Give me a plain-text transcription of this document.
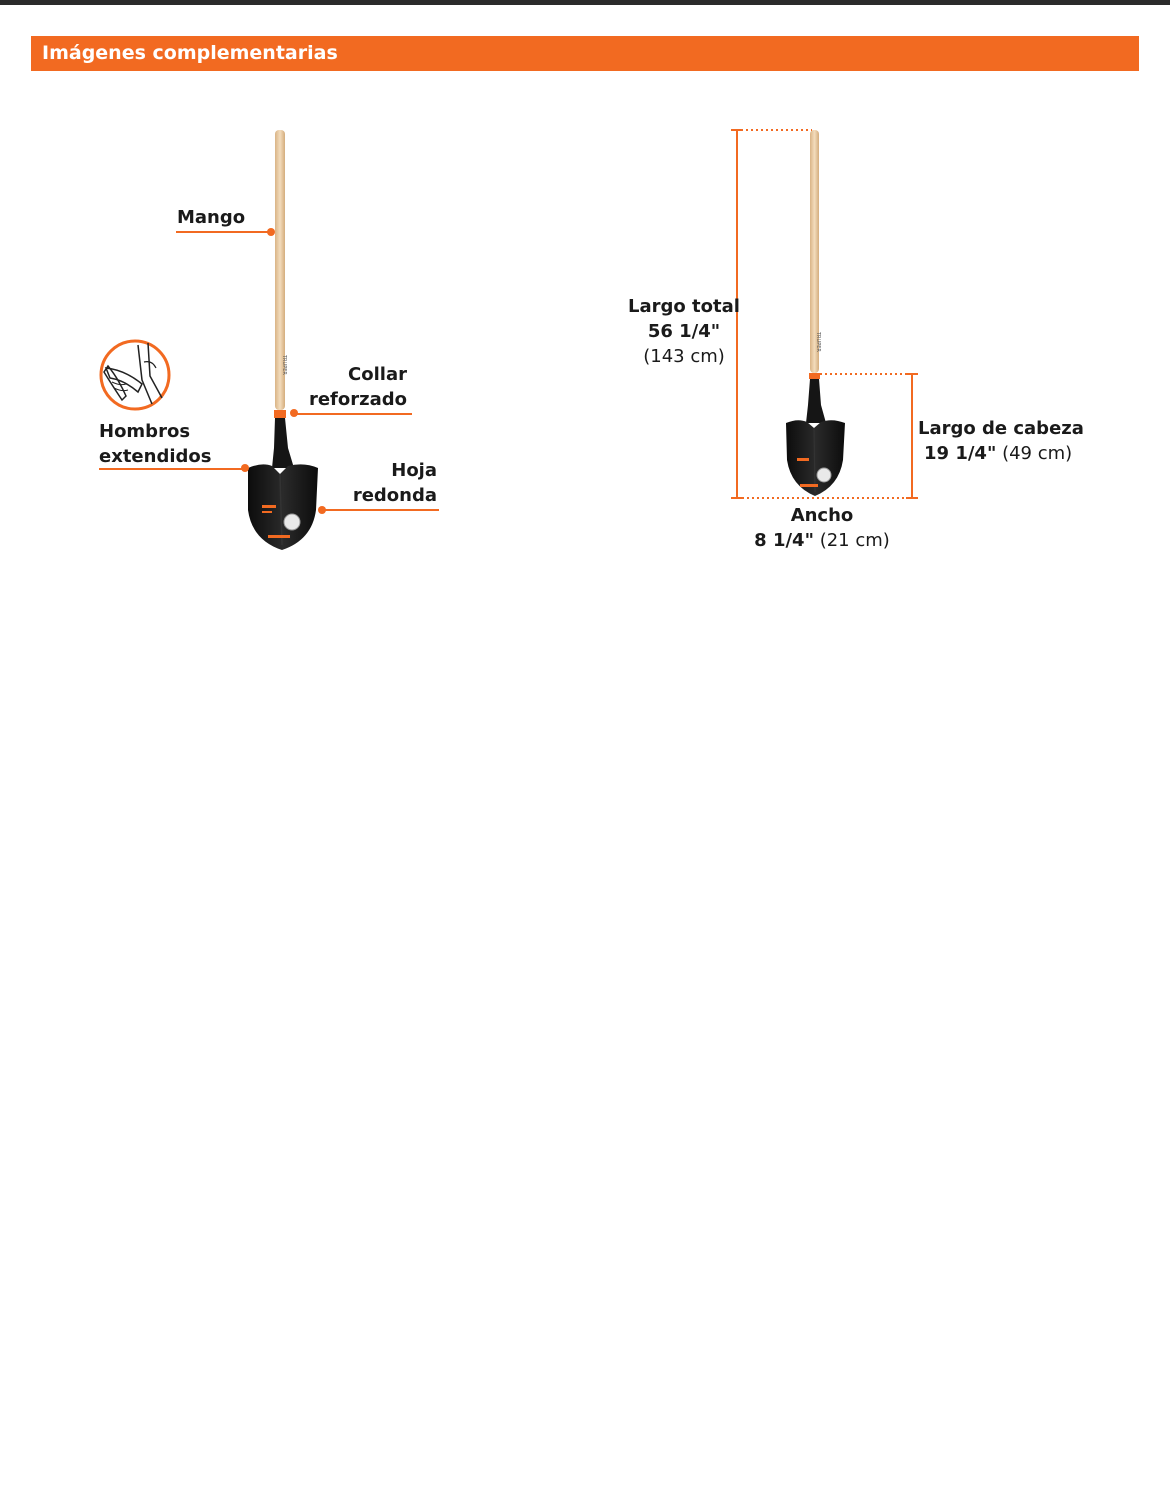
Imágenes complementarias
TRUPER
TRUPER
Mango
Collar
reforzado
Hombros
extendidos
Hoja
redonda
Largo total
56 1/4"
(143 cm)
Largo de cabeza
19 1/4" (49 cm)
Ancho
8 1/4" (21 cm)
